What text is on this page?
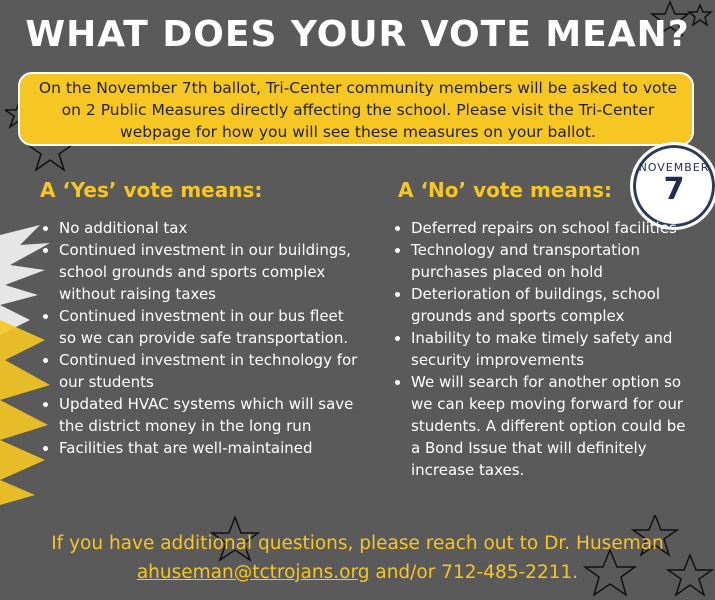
WHAT DOES YOUR VOTE MEAN?
On the November 7th ballot, Tri-Center community members will be asked to vote on 2 Public Measures directly affecting the school. Please visit the Tri-Center webpage for how you will see these measures on your ballot.
NOVEMBER
7
A ‘Yes’ vote means:	A ‘No’ vote means:
No additional tax
Continued investment in our buildings, school grounds and sports complex without raising taxes
Continued investment in our bus fleet so we can provide safe transportation.
Continued investment in technology for our students
Updated HVAC systems which will save the district money in the long run
Facilities that are well-maintained
Deferred repairs on school facilities
Technology and transportation purchases placed on hold
Deterioration of buildings, school grounds and sports complex
Inability to make timely safety and security improvements
We will search for another option so we can keep moving forward for our students. A different option could be a Bond Issue that will definitely increase taxes.
If you have additional questions, please reach out to Dr. Huseman
ahuseman@tctrojans.org and/or 712-485-2211.
